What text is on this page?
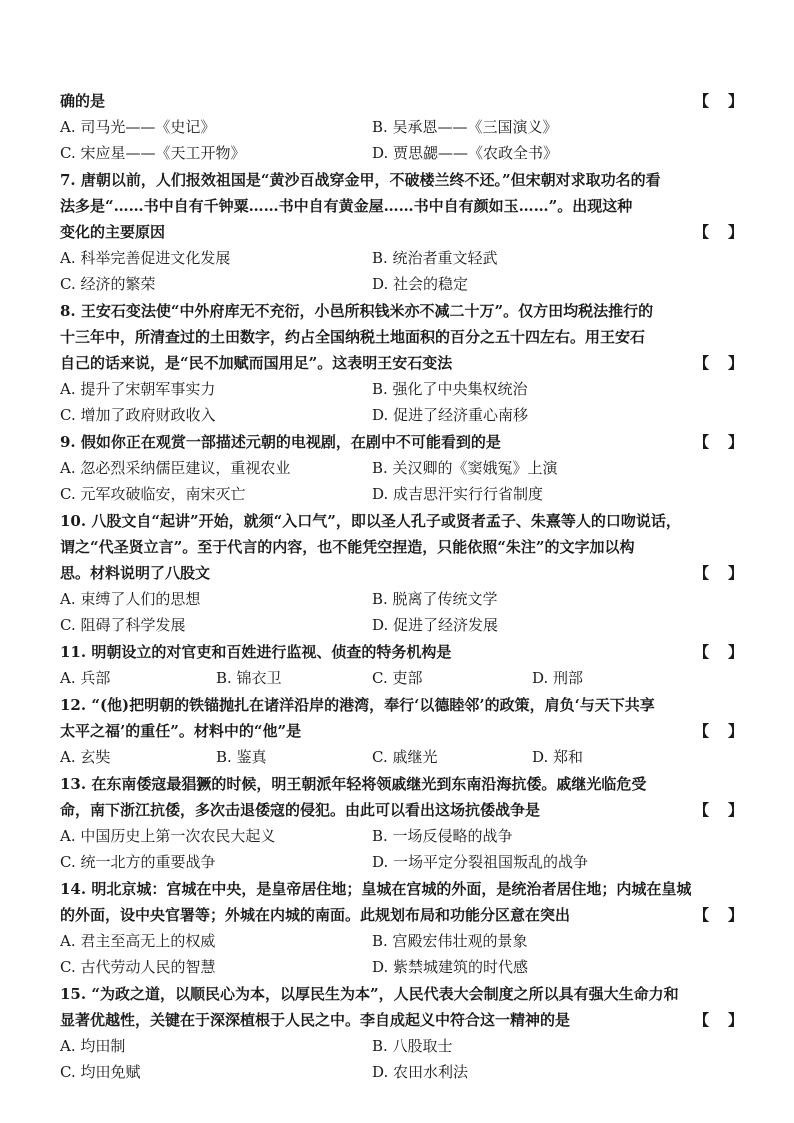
确的是	【　】
A. 司马光——《史记》	B. 吴承恩——《三国演义》
C. 宋应星——《天工开物》	D. 贾思勰——《农政全书》
7. 唐朝以前，人们报效祖国是“黄沙百战穿金甲，不破楼兰终不还。”但宋朝对求取功名的看
法多是“……书中自有千钟粟……书中自有黄金屋……书中自有颜如玉……”。出现这种
变化的主要原因	【　】
A. 科举完善促进文化发展	B. 统治者重文轻武
C. 经济的繁荣	D. 社会的稳定
8. 王安石变法使“中外府库无不充衍，小邑所积钱米亦不减二十万”。仅方田均税法推行的
十三年中，所清查过的土田数字，约占全国纳税土地面积的百分之五十四左右。用王安石
自己的话来说，是“民不加赋而国用足”。这表明王安石变法	【　】
A. 提升了宋朝军事实力	B. 强化了中央集权统治
C. 增加了政府财政收入	D. 促进了经济重心南移
9. 假如你正在观赏一部描述元朝的电视剧，在剧中不可能看到的是	【　】
A. 忽必烈采纳儒臣建议，重视农业	B. 关汉卿的《窦娥冤》上演
C. 元军攻破临安，南宋灭亡	D. 成吉思汗实行行省制度
10. 八股文自“起讲”开始，就须“入口气”，即以圣人孔子或贤者孟子、朱熹等人的口吻说话，
谓之“代圣贤立言”。至于代言的内容，也不能凭空捏造，只能依照“朱注”的文字加以构
思。材料说明了八股文	【　】
A. 束缚了人们的思想	B. 脱离了传统文学
C. 阻碍了科学发展	D. 促进了经济发展
11. 明朝设立的对官吏和百姓进行监视、侦查的特务机构是	【　】
A. 兵部	B. 锦衣卫	C. 吏部	D. 刑部
12. “(他)把明朝的铁锚抛扎在诸洋沿岸的港湾，奉行‘以德睦邻’的政策，肩负‘与天下共享
太平之福’的重任”。材料中的“他”是	【　】
A. 玄奘	B. 鉴真	C. 戚继光	D. 郑和
13. 在东南倭寇最猖獗的时候，明王朝派年轻将领戚继光到东南沿海抗倭。戚继光临危受
命，南下浙江抗倭，多次击退倭寇的侵犯。由此可以看出这场抗倭战争是	【　】
A. 中国历史上第一次农民大起义	B. 一场反侵略的战争
C. 统一北方的重要战争	D. 一场平定分裂祖国叛乱的战争
14. 明北京城：宫城在中央，是皇帝居住地；皇城在宫城的外面，是统治者居住地；内城在皇城
的外面，设中央官署等；外城在内城的南面。此规划布局和功能分区意在突出	【　】
A. 君主至高无上的权威	B. 宫殿宏伟壮观的景象
C. 古代劳动人民的智慧	D. 紫禁城建筑的时代感
15. “为政之道，以顺民心为本，以厚民生为本”，人民代表大会制度之所以具有强大生命力和
显著优越性，关键在于深深植根于人民之中。李自成起义中符合这一精神的是	【　】
A. 均田制	B. 八股取士
C. 均田免赋	D. 农田水利法
